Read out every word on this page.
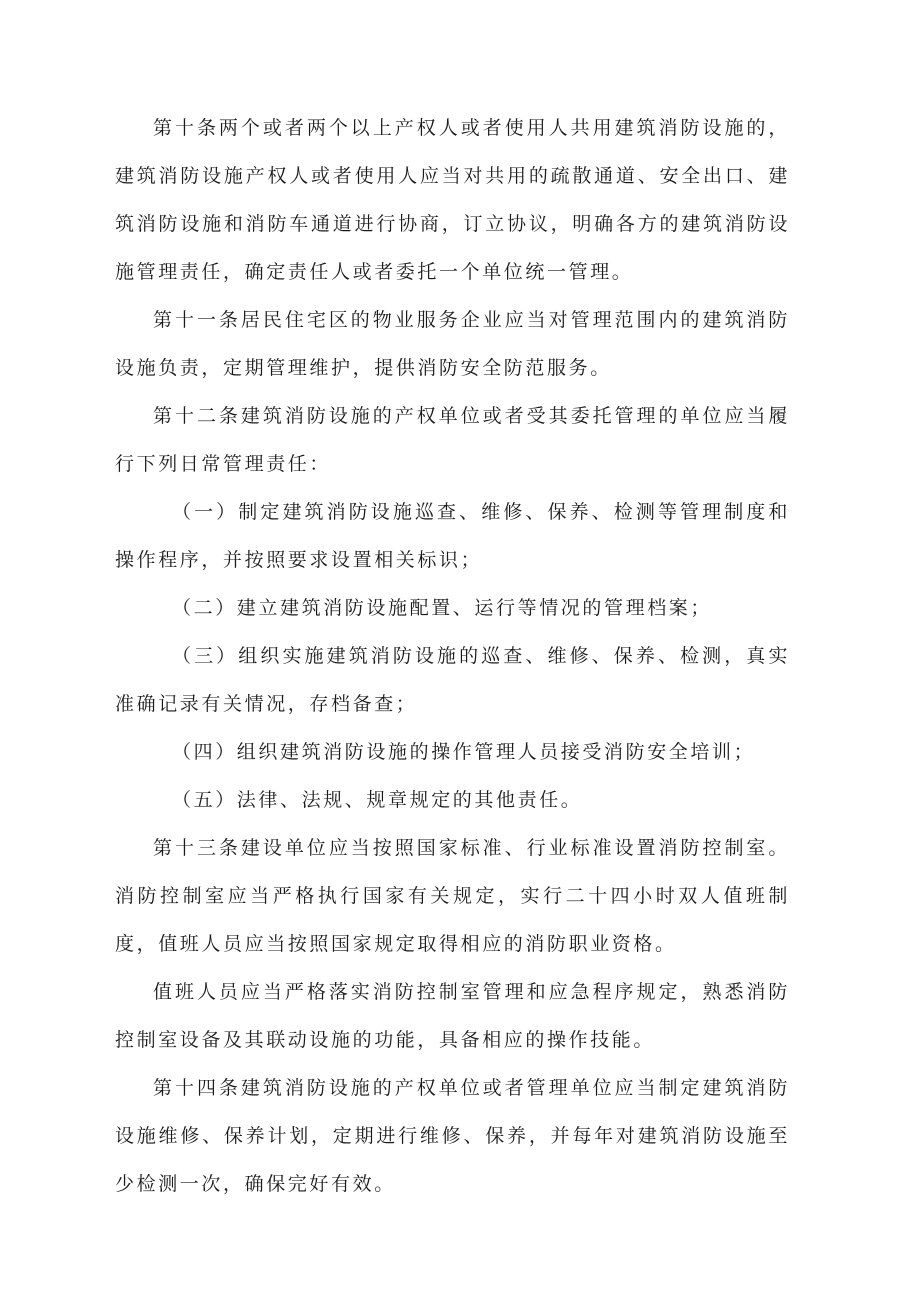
第十条两个或者两个以上产权人或者使用人共用建筑消防设施的，建筑消防设施产权人或者使用人应当对共用的疏散通道、安全出口、建筑消防设施和消防车通道进行协商，订立协议，明确各方的建筑消防设施管理责任，确定责任人或者委托一个单位统一管理。

第十一条居民住宅区的物业服务企业应当对管理范围内的建筑消防设施负责，定期管理维护，提供消防安全防范服务。

第十二条建筑消防设施的产权单位或者受其委托管理的单位应当履行下列日常管理责任：

（一）制定建筑消防设施巡查、维修、保养、检测等管理制度和操作程序，并按照要求设置相关标识；

（二）建立建筑消防设施配置、运行等情况的管理档案；

（三）组织实施建筑消防设施的巡查、维修、保养、检测，真实准确记录有关情况，存档备查；

（四）组织建筑消防设施的操作管理人员接受消防安全培训；

（五）法律、法规、规章规定的其他责任。

第十三条建设单位应当按照国家标准、行业标准设置消防控制室。消防控制室应当严格执行国家有关规定，实行二十四小时双人值班制度，值班人员应当按照国家规定取得相应的消防职业资格。

值班人员应当严格落实消防控制室管理和应急程序规定，熟悉消防控制室设备及其联动设施的功能，具备相应的操作技能。

第十四条建筑消防设施的产权单位或者管理单位应当制定建筑消防设施维修、保养计划，定期进行维修、保养，并每年对建筑消防设施至少检测一次，确保完好有效。
